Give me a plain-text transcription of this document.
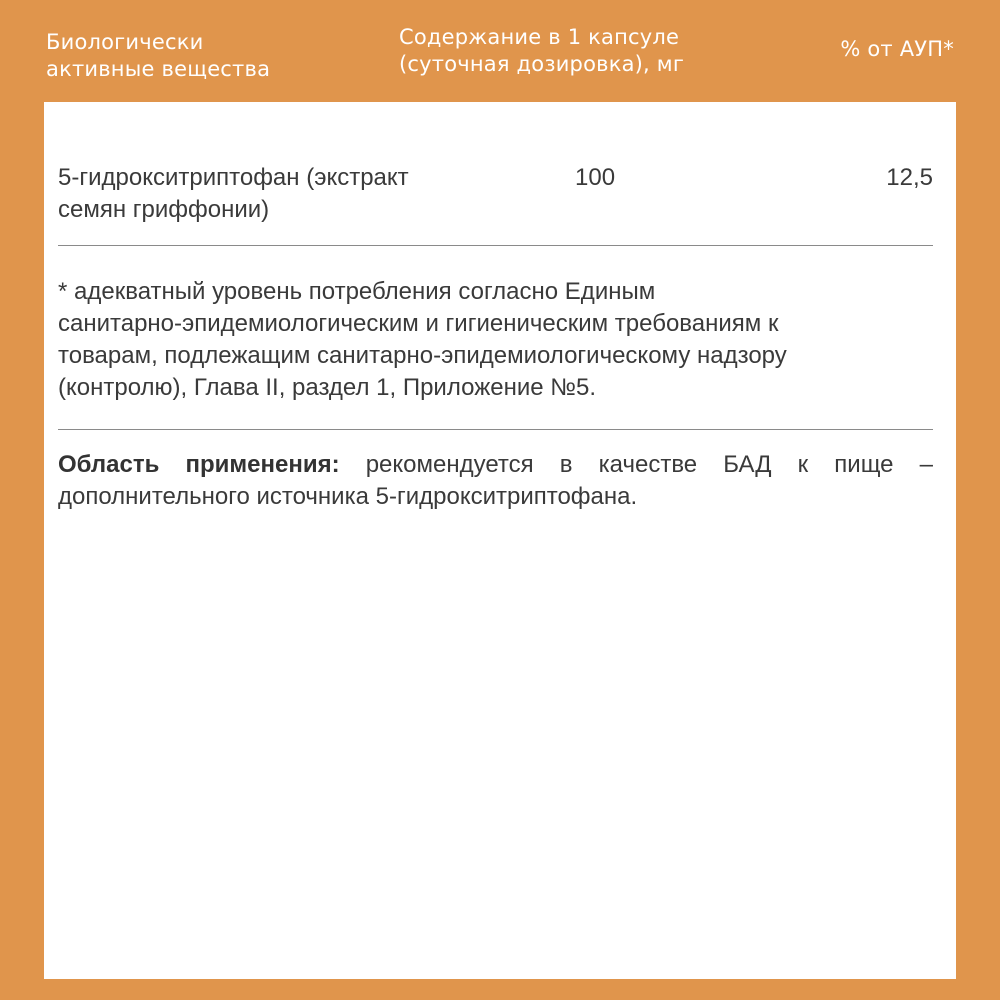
Биологически
активные вещества
Содержание в 1 капсуле
(суточная дозировка), мг
% от АУП*
5-гидрокситриптофан (экстракт
семян гриффонии)
100	12,5
* адекватный уровень потребления согласно Единым
санитарно-эпидемиологическим и гигиеническим требованиям к
товарам, подлежащим санитарно-эпидемиологическому надзору
(контролю), Глава II, раздел 1, Приложение №5.
Область применения: рекомендуется в качестве БАД к пище –
дополнительного источника 5-гидрокситриптофана.
